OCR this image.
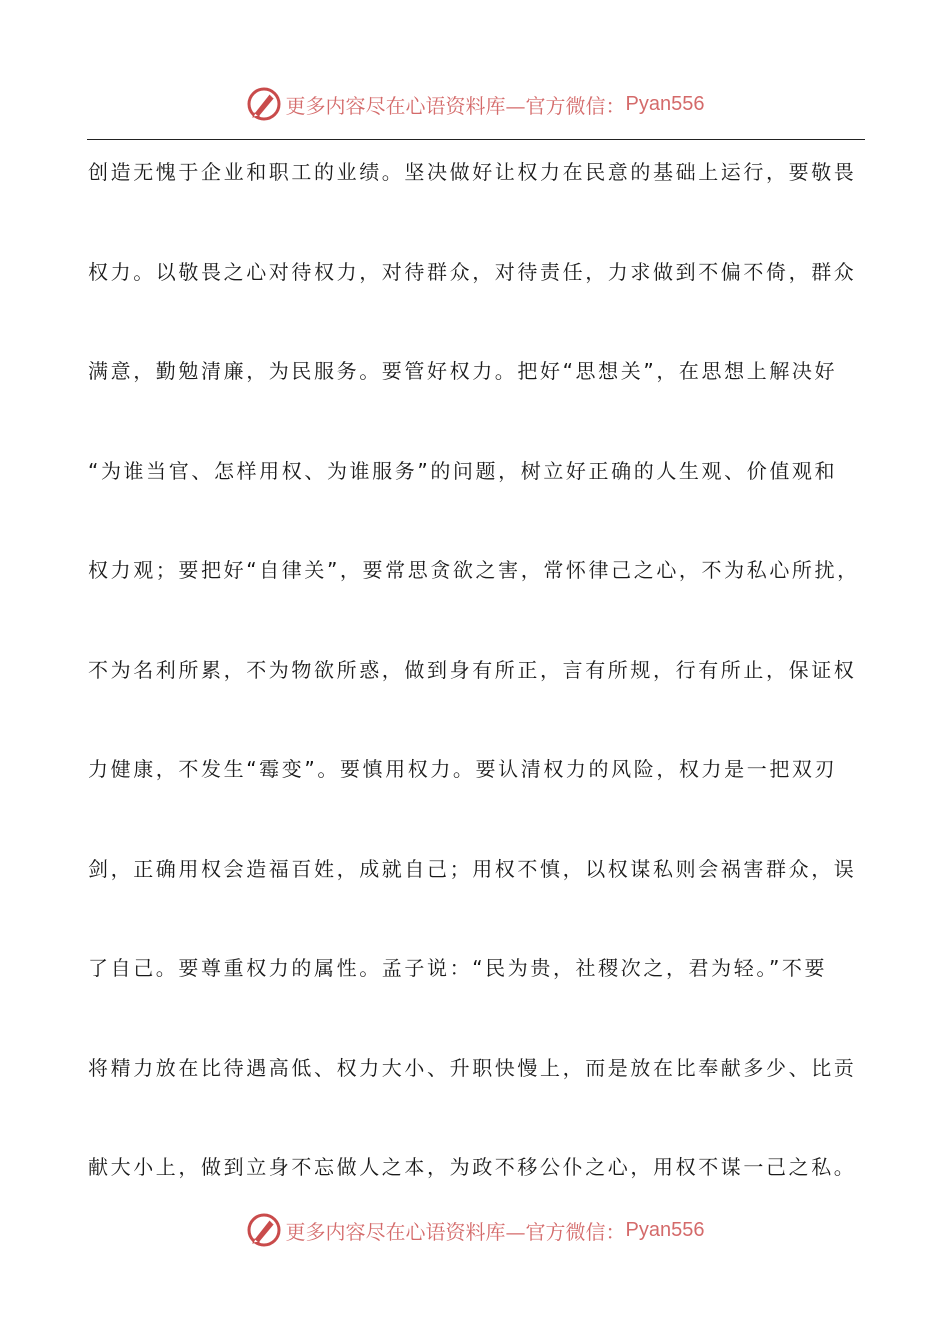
更多内容尽在心语资料库—官方微信： Pyan556
创造无愧于企业和职工的业绩。坚决做好让权力在民意的基础上运行，要敬畏
权力。以敬畏之心对待权力，对待群众，对待责任，力求做到不偏不倚，群众
满意，勤勉清廉，为民服务。要管好权力。把好“思想关”，在思想上解决好
“为谁当官、怎样用权、为谁服务”的问题，树立好正确的人生观、价值观和
权力观；要把好“自律关”，要常思贪欲之害，常怀律己之心，不为私心所扰，
不为名利所累，不为物欲所惑，做到身有所正，言有所规，行有所止，保证权
力健康，不发生“霉变”。要慎用权力。要认清权力的风险，权力是一把双刃
剑，正确用权会造福百姓，成就自己；用权不慎，以权谋私则会祸害群众，误
了自己。要尊重权力的属性。孟子说：“民为贵，社稷次之，君为轻。”不要
将精力放在比待遇高低、权力大小、升职快慢上，而是放在比奉献多少、比贡
献大小上，做到立身不忘做人之本，为政不移公仆之心，用权不谋一己之私。
更多内容尽在心语资料库—官方微信： Pyan556
